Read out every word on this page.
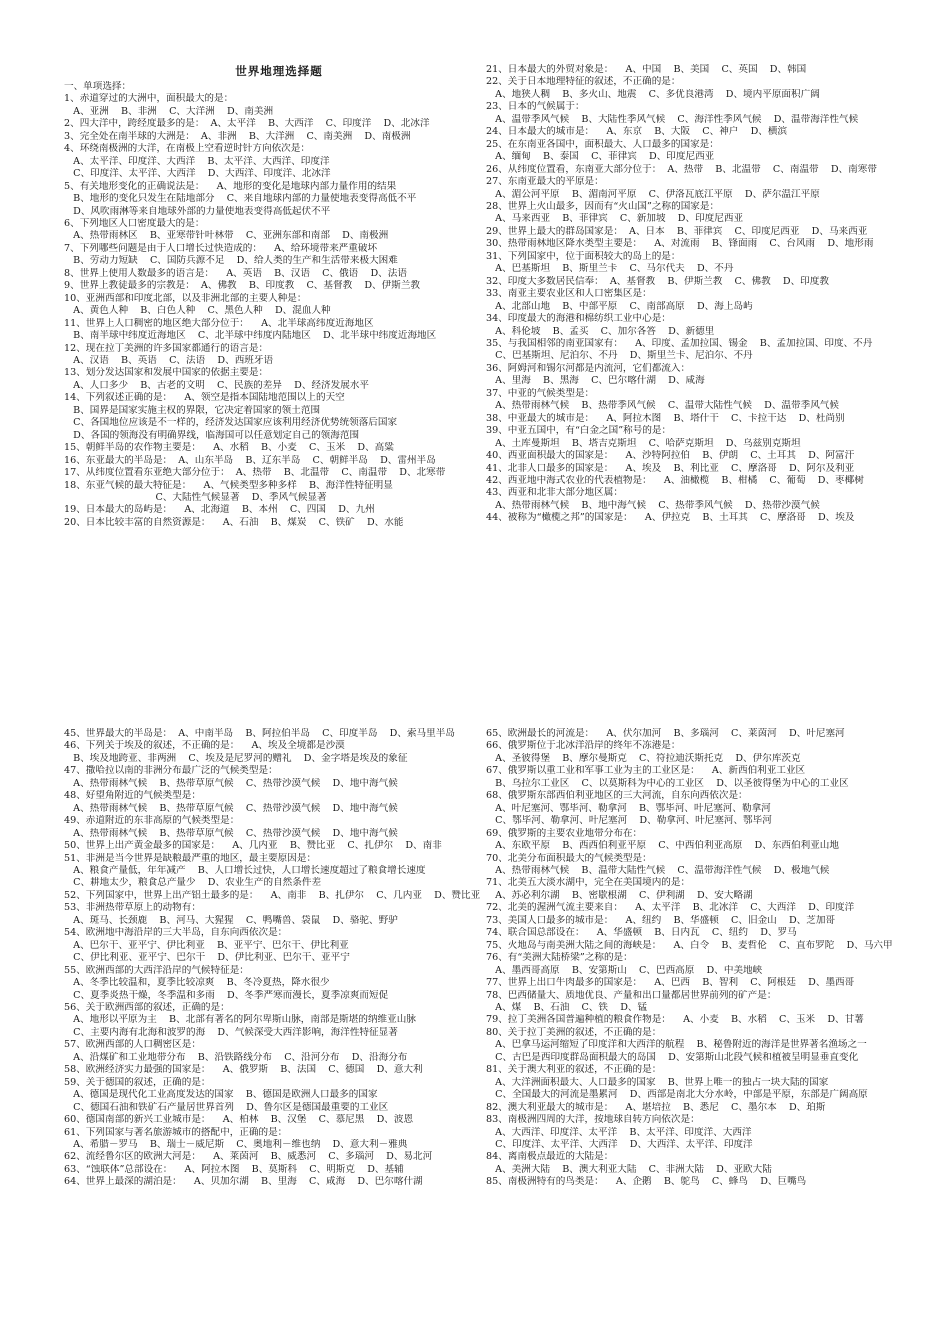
世界地理选择题
一、单项选择：
1、赤道穿过的大洲中，面积最大的是：
A、亚洲    B、非洲    C、大洋洲    D、南美洲
2、四大洋中，跨经度最多的是：  A、太平洋    B、大西洋    C、印度洋    D、北冰洋
3、完全处在南半球的大洲是：  A、非洲    B、大洋洲    C、南美洲    D、南极洲
4、环绕南极洲的大洋，在南极上空看逆时针方向依次是：
A、太平洋、印度洋、大西洋    B、太平洋、大西洋、印度洋
C、印度洋、太平洋、大西洋    D、大西洋、印度洋、北冰洋
5、有关地形变化的正确说法是：    A、地形的变化是地球内部力量作用的结果
B、地形的变化只发生在陆地部分    C、来自地球内部的力量使地表变得高低不平
D、风吹雨淋等来自地球外部的力量使地表变得高低起伏不平
6、下列地区人口密度最大的是：
A、热带雨林区    B、亚寒带针叶林带    C、亚洲东部和南部    D、南极洲
7、下列哪些问题是由于人口增长过快造成的：    A、给环境带来严重破坏
B、劳动力短缺    C、国防兵源不足    D、给人类的生产和生活带来极大困难
8、世界上使用人数最多的语言是：    A、英语    B、汉语    C、俄语    D、法语
9、世界上教徒最多的宗教是：  A、佛教    B、印度教    C、基督教    D、伊斯兰教
10、亚洲西部和印度北部，以及非洲北部的主要人种是：
A、黄色人种    B、白色人种    C、黑色人种    D、混血人种
11、世界上人口稠密的地区绝大部分位于：    A、北半球高纬度近海地区
B、南半球中纬度近海地区    C、北半球中纬度内陆地区    D、北半球中纬度近海地区
12、现在拉丁美洲的许多国家都通行的语言是：
A、汉语    B、英语    C、法语    D、西班牙语
13、划分发达国家和发展中国家的依据主要是：
A、人口多少    B、古老的文明    C、民族的差异    D、经济发展水平
14、下列叙述正确的是：    A、领空是指本国陆地范围以上的天空
B、国界是国家实施主权的界限，它决定着国家的领土范围
C、各国地位应该是不一样的，经济发达国家应该利用经济优势统领落后国家
D、各国的领海没有明确界线，临海国可以任意划定自己的领海范围
15、朝鲜半岛的农作物主要是：    A、水稻    B、小麦    C、玉米    D、高粱
16、东亚最大的半岛是：  A、山东半岛    B、辽东半岛    C、朝鲜半岛    D、雷州半岛
17、从纬度位置看东亚绝大部分位于：  A、热带    B、北温带    C、南温带    D、北寒带
18、东亚气候的最大特征是：    A、气候类型多种多样    B、海洋性特征明显
C、大陆性气候显著    D、季风气候显著
19、日本最大的岛屿是：    A、北海道    B、本州    C、四国    D、九州
20、日本比较丰富的自然资源是：    A、石油    B、煤炭    C、铁矿    D、水能
21、日本最大的外贸对象是：    A、中国    B、美国    C、英国    D、韩国
22、关于日本地理特征的叙述，不正确的是：
A、地狭人稠    B、多火山、地震    C、多优良港湾    D、境内平原面积广阔
23、日本的气候属于：
A、温带季风气候    B、大陆性季风气候    C、海洋性季风气候    D、温带海洋性气候
24、日本最大的城市是：    A、东京    B、大阪    C、神户    D、横滨
25、在东南亚各国中，面积最大、人口最多的国家是：
A、缅甸    B、泰国    C、菲律宾    D、印度尼西亚
26、从纬度位置看，东南亚大部分位于：  A、热带    B、北温带    C、南温带    D、南寒带
27、东南亚最大的平原是：
A、湄公河平原    B、湄南河平原    C、伊洛瓦底江平原    D、萨尔温江平原
28、世界上火山最多，因而有“火山国”之称的国家是：
A、马来西亚    B、菲律宾    C、新加坡    D、印度尼西亚
29、世界上最大的群岛国家是：  A、日本    B、菲律宾    C、印度尼西亚    D、马来西亚
30、热带雨林地区降水类型主要是：    A、对流雨    B、锋面雨    C、台风雨    D、地形雨
31、下列国家中，位于面积较大的岛上的是：
A、巴基斯坦    B、斯里兰卡    C、马尔代夫    D、不丹
32、印度大多数居民信奉：  A、基督教    B、伊斯兰教    C、佛教    D、印度教
33、南亚主要农业区和人口密集区是：
A、北部山地    B、中部平原    C、南部高原    D、海上岛屿
34、印度最大的海港和棉纺织工业中心是：
A、科伦坡    B、孟买    C、加尔各答    D、新德里
35、与我国相邻的南亚国家有：    A、印度、孟加拉国、锡金    B、孟加拉国、印度、不丹
C、巴基斯坦、尼泊尔、不丹    D、斯里兰卡、尼泊尔、不丹
36、阿姆河和锡尔河都是内流河，它们都流入：
A、里海    B、黑海    C、巴尔喀什湖    D、咸海
37、中亚的气候类型是：
A、热带雨林气候    B、热带季风气候    C、温带大陆性气候    D、温带季风气候
38、中亚最大的城市是：    A、阿拉木图    B、塔什干    C、卡拉干达    D、杜尚别
39、中亚五国中，有“白金之国”称号的是：
A、土库曼斯坦    B、塔吉克斯坦    C、哈萨克斯坦    D、乌兹别克斯坦
40、西亚面积最大的国家是：    A、沙特阿拉伯    B、伊朗    C、土耳其    D、阿富汗
41、北非人口最多的国家是：    A、埃及    B、利比亚    C、摩洛哥    D、阿尔及利亚
42、西亚地中海式农业的代表植物是：    A、油橄榄    B、柑橘    C、葡萄    D、枣椰树
43、西亚和北非大部分地区属：
A、热带雨林气候    B、地中海气候    C、热带季风气候    D、热带沙漠气候
44、被称为“橄榄之邦”的国家是：    A、伊拉克    B、土耳其    C、摩洛哥    D、埃及
45、世界最大的半岛是：  A、中南半岛    B、阿拉伯半岛    C、印度半岛    D、索马里半岛
46、下列关于埃及的叙述，不正确的是：    A、埃及全境都是沙漠
B、埃及地跨亚、非两洲    C、埃及是尼罗河的赠礼    D、金字塔是埃及的象征
47、撒哈拉以南的非洲分布最广泛的气候类型是：
A、热带雨林气候    B、热带草原气候    C、热带沙漠气候    D、地中海气候
48、好望角附近的气候类型是：
A、热带雨林气候    B、热带草原气候    C、热带沙漠气候    D、地中海气候
49、赤道附近的东非高原的气候类型是：
A、热带雨林气候    B、热带草原气候    C、热带沙漠气候    D、地中海气候
50、世界上出产黄金最多的国家是：    A、几内亚    B、赞比亚    C、扎伊尔    D、南非
51、非洲是当今世界是缺粮最严重的地区，最主要原因是：
A、粮食产量低，年年减产    B、人口增长过快，人口增长速度超过了粮食增长速度
C、耕地太少，粮食总产量少    D、农业生产的自然条件差
52、下列国家中，世界上出产铝土最多的是：    A、南非    B、扎伊尔    C、几内亚    D、赞比亚
53、非洲热带草原上的动物有：
A、斑马、长颈鹿    B、河马、大猩猩    C、鸭嘴兽、袋鼠    D、骆驼、野驴
54、欧洲地中海沿岸的三大半岛，自东向西依次是：
A、巴尔干、亚平宁、伊比利亚    B、亚平宁、巴尔干、伊比利亚
C、伊比利亚、亚平宁、巴尔干    D、伊比利亚、巴尔干、亚平宁
55、欧洲西部的大西洋沿岸的气候特征是：
A、冬季比较温和，夏季比较凉爽    B、冬冷夏热，降水很少
C、夏季炎热干燥，冬季温和多雨    D、冬季严寒而漫长，夏季凉爽而短促
56、关于欧洲西部的叙述，正确的是：
A、地形以平原为主    B、北部有著名的阿尔卑斯山脉，南部是斯堪的纳维亚山脉
C、主要内海有北海和波罗的海    D、气候深受大西洋影响，海洋性特征显著
57、欧洲西部的人口稠密区是：
A、沿煤矿和工业地带分布    B、沿铁路线分布    C、沿河分布    D、沿海分布
58、欧洲经济实力最强的国家是：    A、俄罗斯    B、法国    C、德国    D、意大利
59、关于德国的叙述，正确的是：
A、德国是现代化工业高度发达的国家    B、德国是欧洲人口最多的国家
C、德国石油和铁矿石产量居世界首列    D、鲁尔区是德国最重要的工业区
60、德国南部的新兴工业城市是：    A、柏林    B、汉堡    C、慕尼黑    D、波恩
61、下列国家与著名旅游城市的搭配中，正确的是：
A、希腊－罗马    B、瑞士－威尼斯    C、奥地利－维也纳    D、意大利－雅典
62、流经鲁尔区的欧洲大河是：    A、莱茵河    B、威悉河    C、多瑙河    D、易北河
63、“蚀联体”总部设在：    A、阿拉木图    B、莫斯科    C、明斯克    D、基辅
64、世界上最深的湖泊是：    A、贝加尔湖    B、里海    C、咸海    D、巴尔喀什湖
65、欧洲最长的河流是：    A、伏尔加河    B、多瑙河    C、莱茵河    D、叶尼塞河
66、俄罗斯位于北冰洋沿岸的终年不冻港是：
A、圣彼得堡    B、摩尔曼斯克    C、符拉迪沃斯托克    D、伊尔库茨克
67、俄罗斯以重工业和军事工业为主的工业区是：    A、新西伯利亚工业区
B、乌拉尔工业区    C、以莫斯科为中心的工业区    D、以圣彼得堡为中心的工业区
68、俄罗斯东部西伯利亚地区的三大河流，自东向西依次是：
A、叶尼塞河、鄂毕河、勒拿河    B、鄂毕河、叶尼塞河、勒拿河
C、鄂毕河、勒拿河、叶尼塞河    D、勒拿河、叶尼塞河、鄂毕河
69、俄罗斯的主要农业地带分布在：
A、东欧平原    B、西西伯利亚平原    C、中西伯利亚高原    D、东西伯利亚山地
70、北美分布面积最大的气候类型是：
A、热带雨林气候    B、温带大陆性气候    C、温带海洋性气候    D、极地气候
71、北美五大淡水湖中，完全在美国境内的是：
A、苏必利尔湖    B、密歇根湖    C、伊利湖    D、安大略湖
72、北美的渥洲气流主要来自：    A、太平洋    B、北冰洋    C、大西洋    D、印度洋
73、美国人口最多的城市是：    A、纽约    B、华盛顿    C、旧金山    D、芝加哥
74、联合国总部设在：    A、华盛顿    B、日内瓦    C、纽约    D、罗马
75、火地岛与南美洲大陆之间的海峡是：    A、白令    B、麦哲伦    C、直布罗陀    D、马六甲
76、有“美洲大陆桥梁”之称的是：
A、墨西哥高原    B、安第斯山    C、巴西高原    D、中美地峡
77、世界上出口牛肉最多的国家是：    A、巴西    B、智利    C、阿根廷    D、墨西哥
78、巴西储量大、质地优良、产量和出口量都居世界前列的矿产是：
A、煤    B、石油    C、铁    D、锰
79、拉丁美洲各国普遍种植的粮食作物是：    A、小麦    B、水稻    C、玉米    D、甘薯
80、关于拉丁美洲的叙述，不正确的是：
A、巴拿马运河缩短了印度洋和大西洋的航程    B、秘鲁附近的海洋是世界著名渔场之一
C、古巴是西印度群岛面积最大的岛国    D、安第斯山北段气候和植被呈明显垂直变化
81、关于澳大利亚的叙述，不正确的是：
A、大洋洲面积最大、人口最多的国家    B、世界上唯一的独占一块大陆的国家
C、全国最大的河流是墨累河    D、西部是南北大分水岭，中部是平原，东部是广阔高原
82、澳大利亚最大的城市是：    A、堪培拉    B、悉尼    C、墨尔本    D、珀斯
83、南极洲四周的大洋，按地球自转方向依次是：
A、大西洋、印度洋、太平洋    B、太平洋、印度洋、大西洋
C、印度洋、太平洋、大西洋    D、大西洋、太平洋、印度洋
84、离南极点最近的大陆是：
A、美洲大陆    B、澳大利亚大陆    C、非洲大陆    D、亚欧大陆
85、南极洲特有的鸟类是：    A、企鹅    B、鸵鸟    C、蜂鸟    D、巨嘴鸟
